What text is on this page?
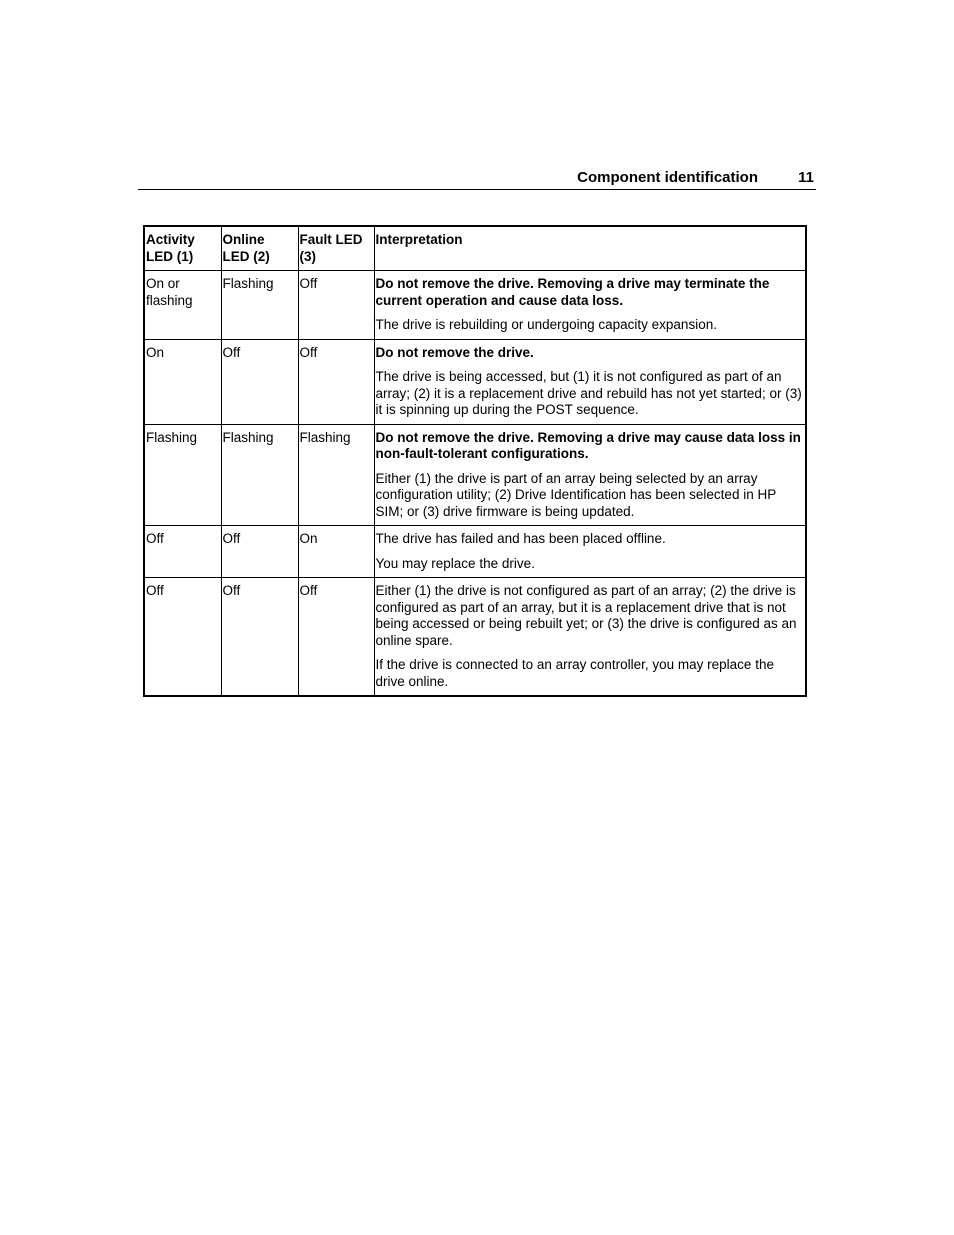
Component identification	11
Activity LED (1)	Online LED (2)	Fault LED (3)	Interpretation
On or flashing	Flashing	Off	Do not remove the drive. Removing a drive may terminate the current operation and cause data loss.

The drive is rebuilding or undergoing capacity expansion.

On	Off	Off	Do not remove the drive.

The drive is being accessed, but (1) it is not configured as part of an array; (2) it is a replacement drive and rebuild has not yet started; or (3) it is spinning up during the POST sequence.

Flashing	Flashing	Flashing	Do not remove the drive. Removing a drive may cause data loss in non-fault-tolerant configurations.

Either (1) the drive is part of an array being selected by an array configuration utility; (2) Drive Identification has been selected in HP SIM; or (3) drive firmware is being updated.

Off	Off	On	The drive has failed and has been placed offline.

You may replace the drive.

Off	Off	Off	Either (1) the drive is not configured as part of an array; (2) the drive is configured as part of an array, but it is a replacement drive that is not being accessed or being rebuilt yet; or (3) the drive is configured as an online spare.

If the drive is connected to an array controller, you may replace the drive online.
